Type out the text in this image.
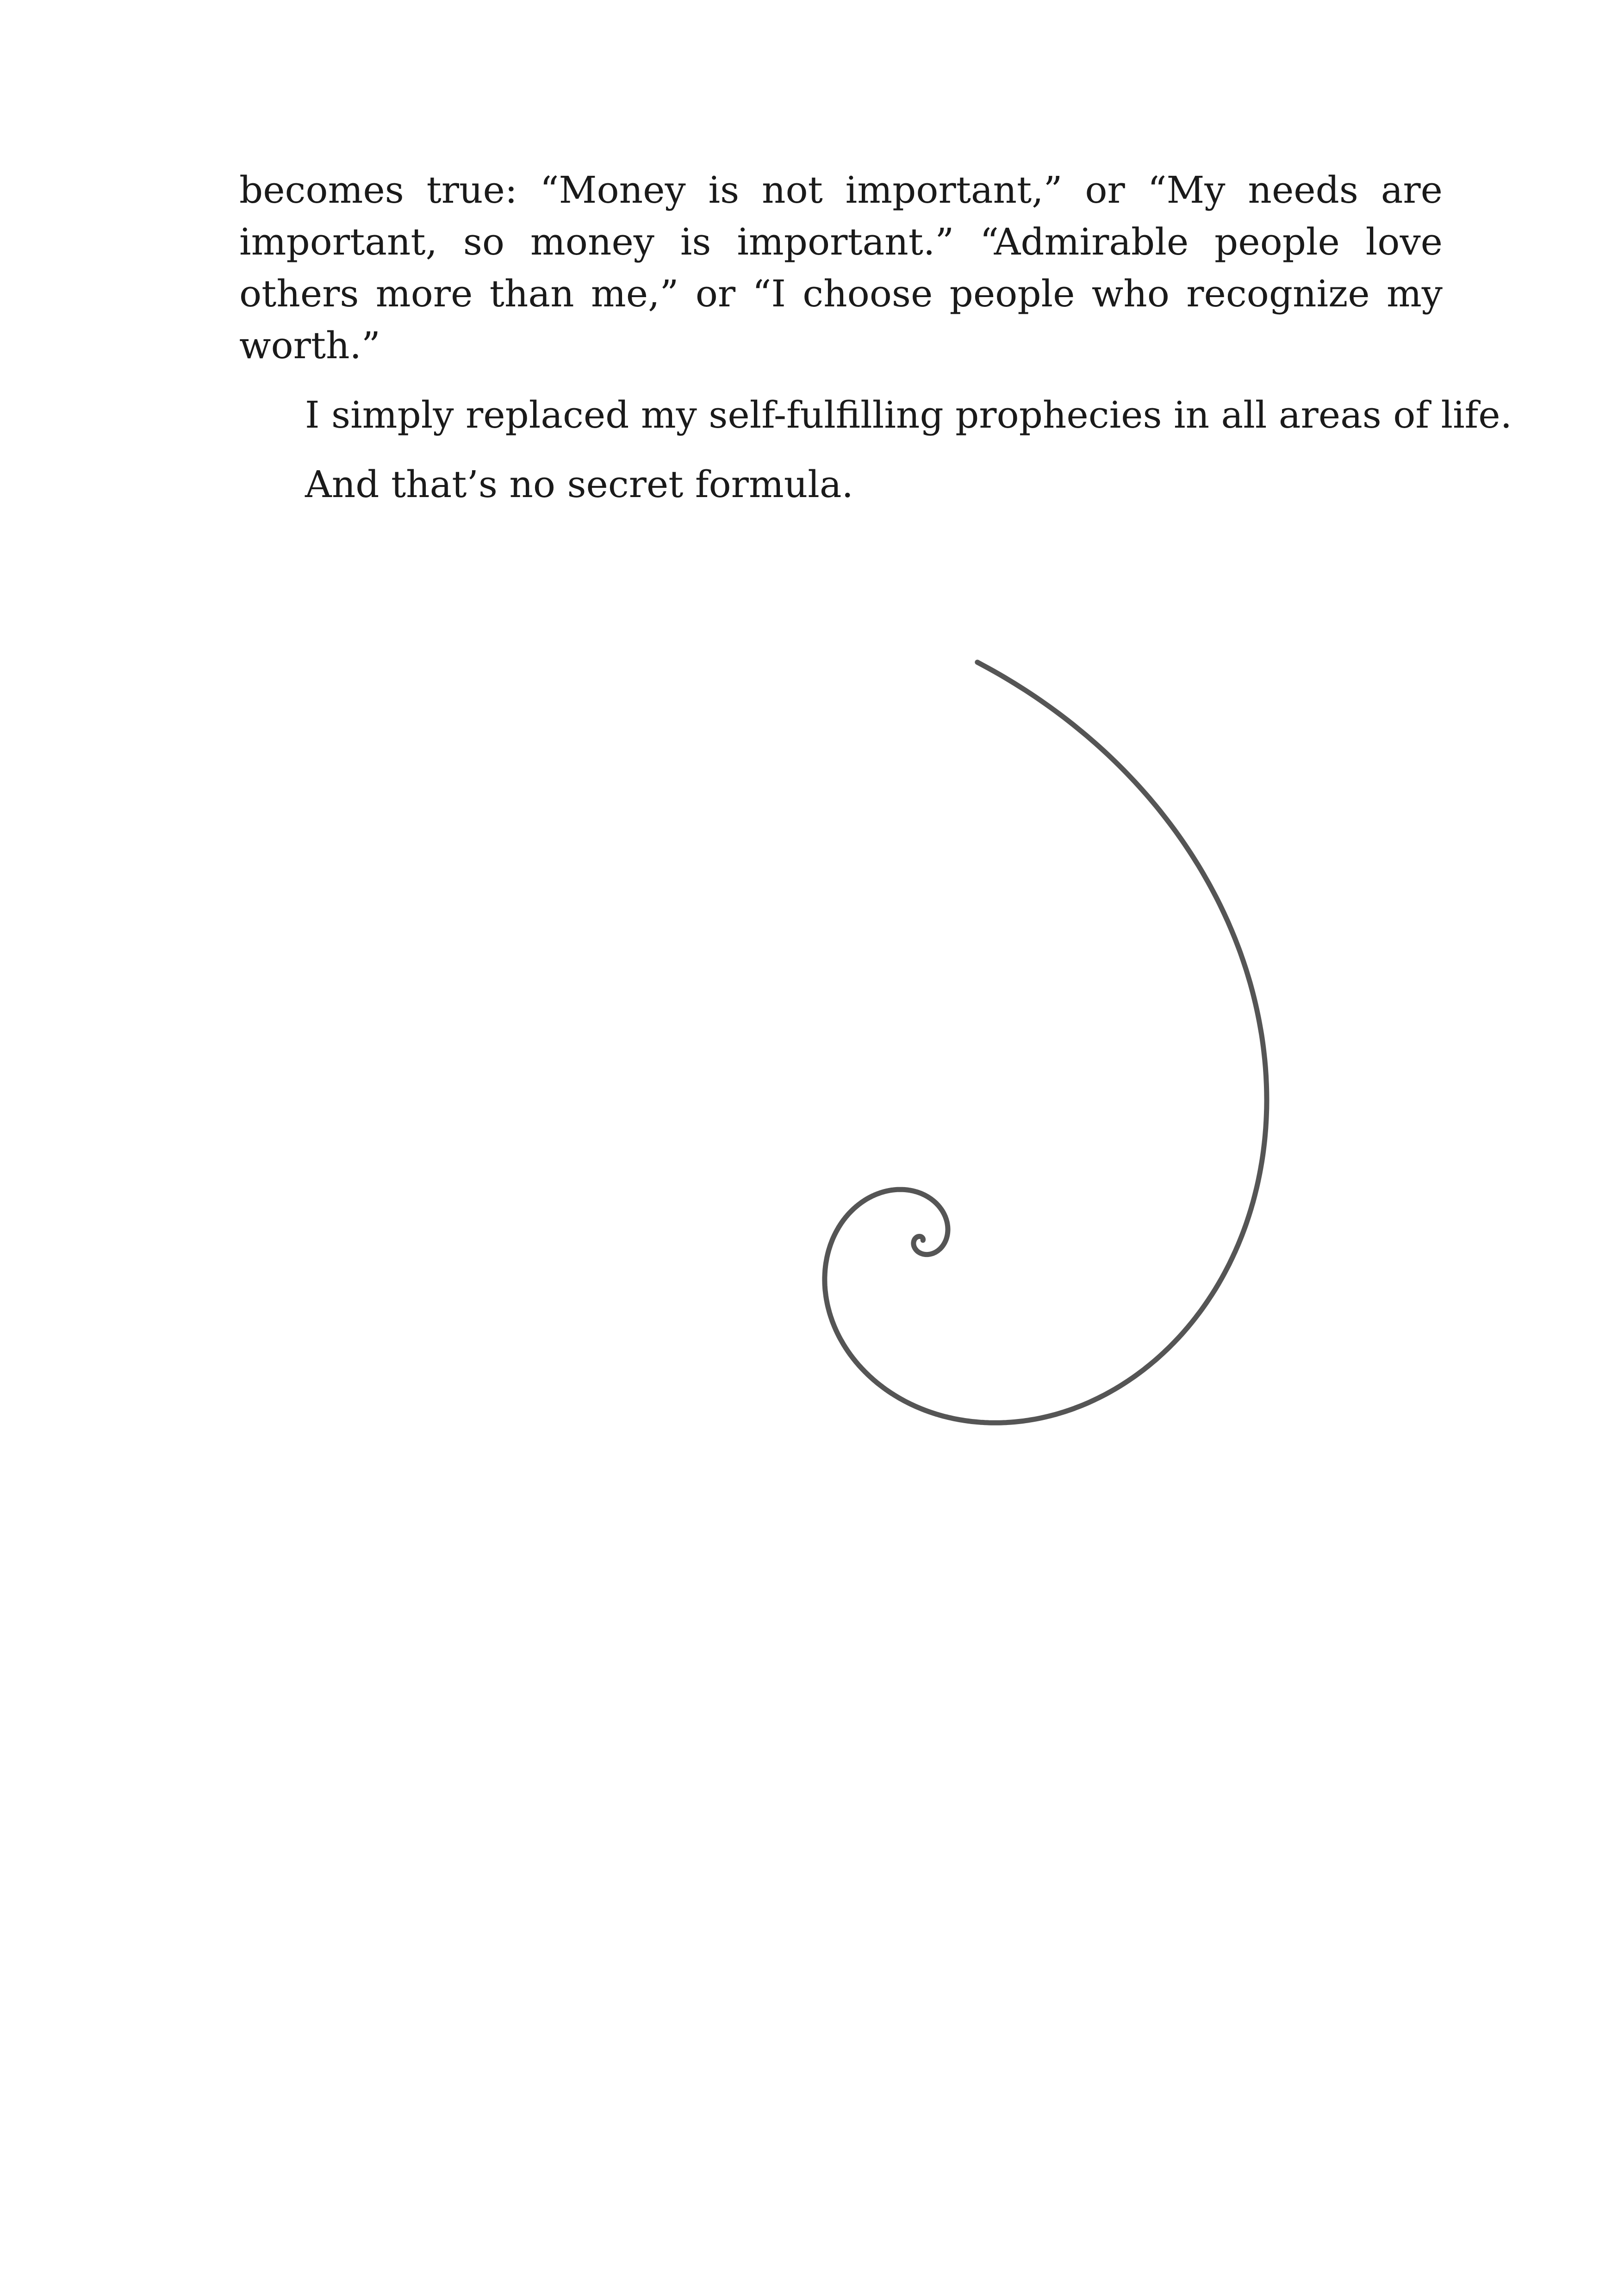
becomes true: “Money is not important,” or “My needs are important, so money is important.” “Admirable people love others more than me,” or “I choose people who recognize my worth.”

I simply replaced my self-fulfilling prophecies in all areas of life.

And that’s no secret formula.
